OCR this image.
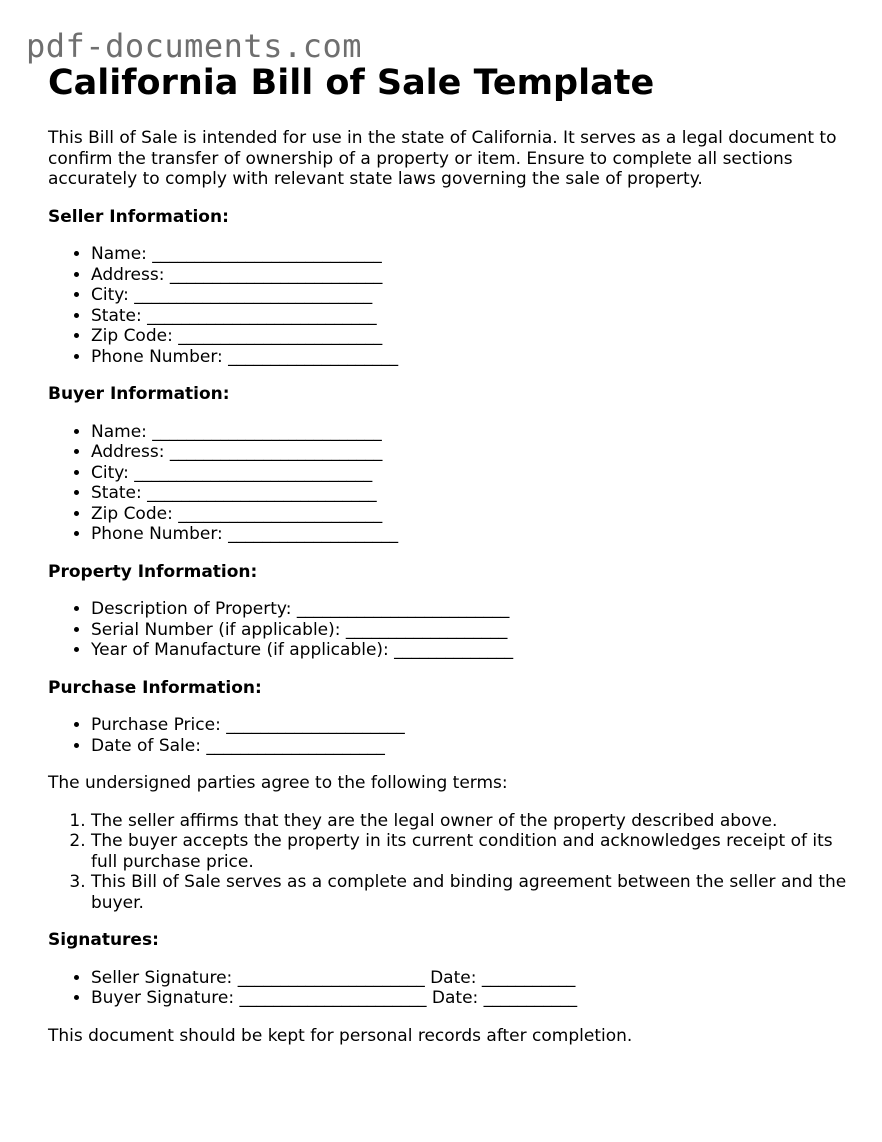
pdf-documents.com
California Bill of Sale Template

This Bill of Sale is intended for use in the state of California. It serves as a legal document to confirm the transfer of ownership of a property or item. Ensure to complete all sections accurately to comply with relevant state laws governing the sale of property.

Seller Information:
• Name: ___________________________
• Address: _________________________
• City: ____________________________
• State: ___________________________
• Zip Code: ________________________
• Phone Number: ____________________
Buyer Information:
• Name: ___________________________
• Address: _________________________
• City: ____________________________
• State: ___________________________
• Zip Code: ________________________
• Phone Number: ____________________
Property Information:
• Description of Property: _________________________
• Serial Number (if applicable): ___________________
• Year of Manufacture (if applicable): ______________
Purchase Information:
• Purchase Price: _____________________
• Date of Sale: _____________________

The undersigned parties agree to the following terms:

1. The seller affirms that they are the legal owner of the property described above.
2. The buyer accepts the property in its current condition and acknowledges receipt of its full purchase price.
3. This Bill of Sale serves as a complete and binding agreement between the seller and the buyer.
Signatures:
• Seller Signature: ______________________ Date: ___________
• Buyer Signature: ______________________ Date: ___________

This document should be kept for personal records after completion.
